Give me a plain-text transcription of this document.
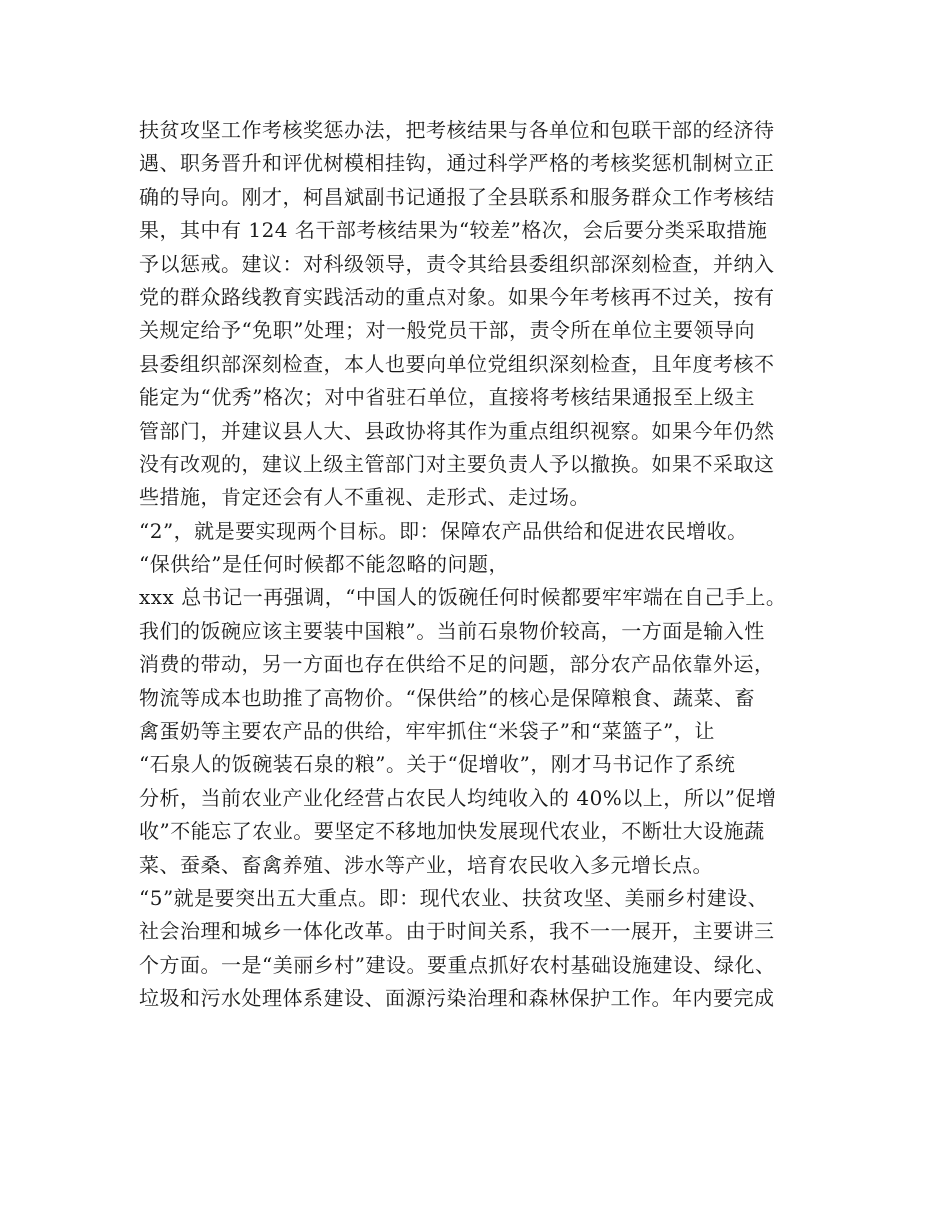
扶贫攻坚工作考核奖惩办法，把考核结果与各单位和包联干部的经济待
遇、职务晋升和评优树模相挂钩，通过科学严格的考核奖惩机制树立正
确的导向。刚才，柯昌斌副书记通报了全县联系和服务群众工作考核结
果，其中有 124 名干部考核结果为“较差”格次，会后要分类采取措施
予以惩戒。建议：对科级领导，责令其给县委组织部深刻检查，并纳入
党的群众路线教育实践活动的重点对象。如果今年考核再不过关，按有
关规定给予“免职”处理；对一般党员干部，责令所在单位主要领导向
县委组织部深刻检查，本人也要向单位党组织深刻检查，且年度考核不
能定为“优秀”格次；对中省驻石单位，直接将考核结果通报至上级主
管部门，并建议县人大、县政协将其作为重点组织视察。如果今年仍然
没有改观的，建议上级主管部门对主要负责人予以撤换。如果不采取这
些措施，肯定还会有人不重视、走形式、走过场。
“2”，就是要实现两个目标。即：保障农产品供给和促进农民增收。
“保供给”是任何时候都不能忽略的问题，
xxx 总书记一再强调，“中国人的饭碗任何时候都要牢牢端在自己手上。
我们的饭碗应该主要装中国粮”。当前石泉物价较高，一方面是输入性
消费的带动，另一方面也存在供给不足的问题，部分农产品依靠外运，
物流等成本也助推了高物价。“保供给”的核心是保障粮食、蔬菜、畜
禽蛋奶等主要农产品的供给，牢牢抓住“米袋子”和“菜篮子”，让
“石泉人的饭碗装石泉的粮”。关于“促增收”，刚才马书记作了系统
分析，当前农业产业化经营占农民人均纯收入的 40%以上，所以”促增
收”不能忘了农业。要坚定不移地加快发展现代农业，不断壮大设施蔬
菜、蚕桑、畜禽养殖、涉水等产业，培育农民收入多元增长点。
“5”就是要突出五大重点。即：现代农业、扶贫攻坚、美丽乡村建设、
社会治理和城乡一体化改革。由于时间关系，我不一一展开，主要讲三
个方面。一是“美丽乡村”建设。要重点抓好农村基础设施建设、绿化、
垃圾和污水处理体系建设、面源污染治理和森林保护工作。年内要完成
